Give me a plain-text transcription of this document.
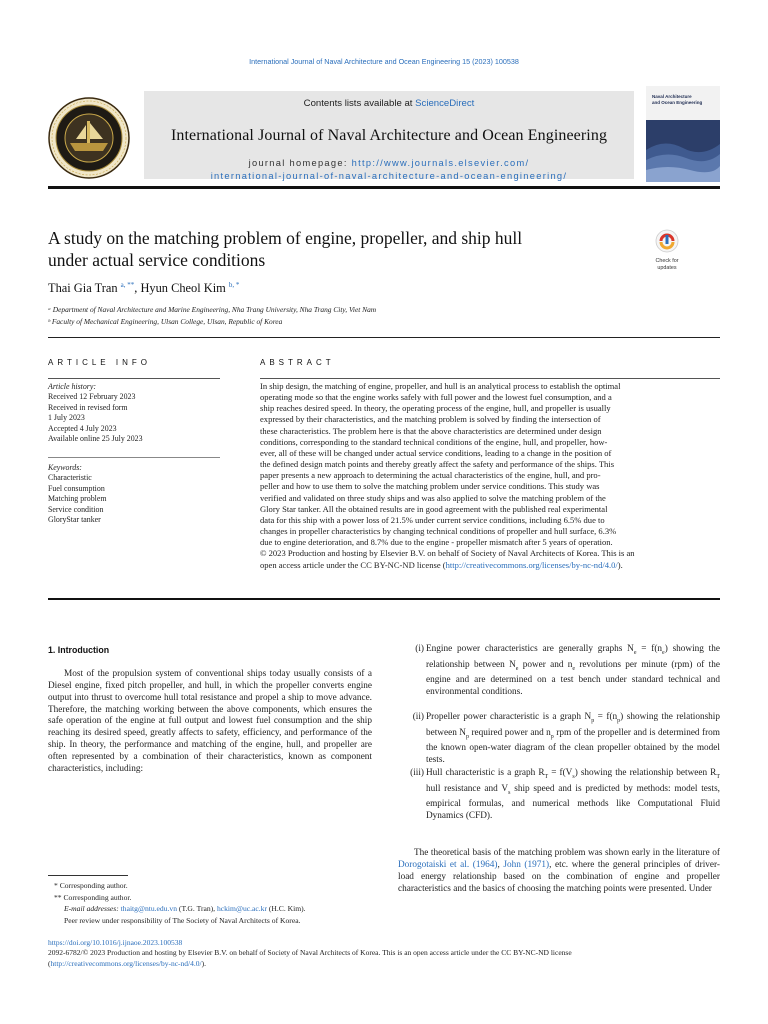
International Journal of Naval Architecture and Ocean Engineering 15 (2023) 100538
Contents lists available at ScienceDirect
International Journal of Naval Architecture and Ocean Engineering
journal homepage: http://www.journals.elsevier.com/
international-journal-of-naval-architecture-and-ocean-engineering/
Naval Architecture
and Ocean Engineering
A study on the matching problem of engine, propeller, and ship hull
under actual service conditions	Check for
updates
Thai Gia Tran $^{a, **}$, Hyun Cheol Kim $^{b, *}$
ᵃ Department of Naval Architecture and Marine Engineering, Nha Trang University, Nha Trang City, Viet Nam
ᵇ Faculty of Mechanical Engineering, Ulsan College, Ulsan, Republic of Korea
ARTICLE INFO	ABSTRACT
Article history:
Received 12 February 2023
Received in revised form
1 July 2023
Accepted 4 July 2023
Available online 25 July 2023
Keywords:
Characteristic
Fuel consumption
Matching problem
Service condition
GloryStar tanker
In ship design, the matching of engine, propeller, and hull is an analytical process to establish the optimal
operating mode so that the engine works safely with full power and the lowest fuel consumption, and a
ship reaches desired speed. In theory, the operating process of the engine, hull, and propeller is usually
expressed by their characteristics, and the matching problem is solved by finding the intersection of
these characteristics. The problem here is that the above characteristics are determined under design
conditions, corresponding to the standard technical conditions of the engine, hull, and propeller, how-
ever, all of these will be changed under actual service conditions, leading to a change in the position of
the defined design match points and thereby greatly affect the safety and performance of the ships. This
paper presents a new approach to determining the actual characteristics of the engine, hull, and pro-
peller and how to use them to solve the matching problem under service conditions. This study was
verified and validated on three study ships and was also applied to solve the matching problem of the
Glory Star tanker. All the obtained results are in good agreement with the published real experimental
data for this ship with a power loss of 21.5% under current service conditions, including 6.5% due to
changes in propeller characteristics by changing technical conditions of propeller and hull surface, 6.3%
due to engine deterioration, and 8.7% due to the engine - propeller mismatch after 5 years of operation.
© 2023 Production and hosting by Elsevier B.V. on behalf of Society of Naval Architects of Korea. This is an
open access article under the CC BY-NC-ND license (http://creativecommons.org/licenses/by-nc-nd/4.0/).
1. Introduction
Most of the propulsion system of conventional ships today usually consists of a Diesel engine, fixed pitch propeller, and hull, in which the propeller converts engine output into thrust to overcome hull total resistance and propel a ship to move advance. Therefore, the matching working between the above components, which ensures the safe operation of the engine at full output and lowest fuel consumption and the ship reaching its desired speed, greatly affects to safety, efficiency, and performance of the ship. In theory, the performance and matching of the engine, hull, and propeller are often represented by a combination of their characteristics, known as component characteristics, including:
(i) Engine power characteristics are generally graphs $N_e = f(n_e)$ showing the relationship between $N_e$ power and $n_e$ revolutions per minute (rpm) of the engine and are determined on a test bench under standard technical and environmental conditions.
(ii) Propeller power characteristic is a graph $N_p = f(n_p)$ showing the relationship between $N_p$ required power and $n_p$ rpm of the propeller and is determined from the known open-water diagram of the clean propeller obtained by the model tests.
(iii) Hull characteristic is a graph $R_T = f(V_s)$ showing the relationship between $R_T$ hull resistance and $V_s$ ship speed and is predicted by methods: model tests, empirical formulas, and numerical methods like Computational Fluid Dynamics (CFD).
The theoretical basis of the matching problem was shown early in the literature of Dorogotaiski et al. (1964), John (1971), etc. where the general principles of driver-load energy relationship based on the combination of engine and propeller characteristics and the basics of choosing the matching points were presented. Under
* Corresponding author.
** Corresponding author.
E-mail addresses: thaitg@ntu.edu.vn (T.G. Tran), hckim@uc.ac.kr (H.C. Kim).
Peer review under responsibility of The Society of Naval Architects of Korea.
https://doi.org/10.1016/j.ijnaoe.2023.100538
2092-6782/© 2023 Production and hosting by Elsevier B.V. on behalf of Society of Naval Architects of Korea. This is an open access article under the CC BY-NC-ND license
(http://creativecommons.org/licenses/by-nc-nd/4.0/).
